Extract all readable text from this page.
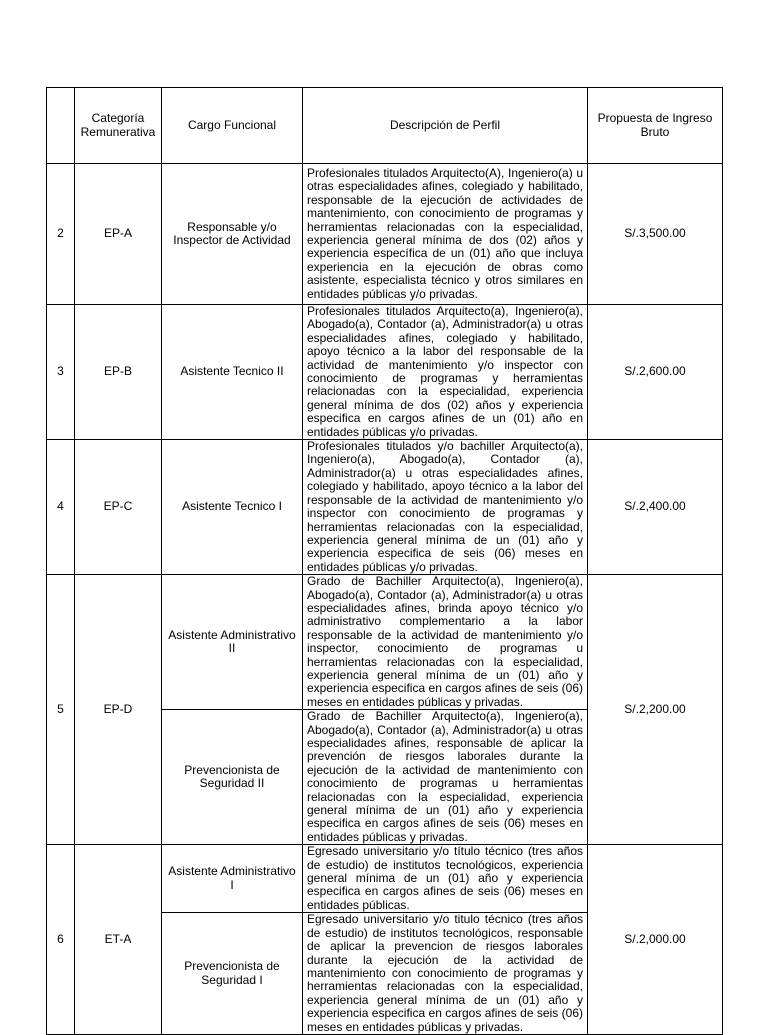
	Categoría Remunerativa	Cargo Funcional	Descripción de Perfil	Propuesta de Ingreso Bruto
2	EP-A	Responsable y/o Inspector de Actividad	Profesionales titulados Arquitecto(A), Ingeniero(a) u otras especialidades afines, colegiado y habilitado, responsable de la ejecución de actividades de mantenimiento, con conocimiento de programas y herramientas relacionadas con la especialidad, experiencia general mínima de dos (02) años y experiencia específica de un (01) año que incluya experiencia en la ejecución de obras como asistente, especialista técnico y otros similares en entidades públicas y/o privadas.	S/.3,500.00
3	EP-B	Asistente Tecnico II	Profesionales titulados Arquitecto(a), Ingeniero(a), Abogado(a), Contador (a), Administrador(a) u otras especialidades afines, colegiado y habilitado, apoyo técnico a la labor del responsable de la actividad de mantenimiento y/o inspector con conocimiento de programas y herramientas relacionadas con la especialidad, experiencia general mínima de dos (02) años y experiencia especifica en cargos afines de un (01) año en entidades públicas y/o privadas.	S/.2,600.00
4	EP-C	Asistente Tecnico I	Profesionales titulados y/o bachiller Arquitecto(a), Ingeniero(a), Abogado(a), Contador (a), Administrador(a) u otras especialidades afines, colegiado y habilitado, apoyo técnico a la labor del responsable de la actividad de mantenimiento y/o inspector con conocimiento de programas y herramientas relacionadas con la especialidad, experiencia general mínima de un (01) año y experiencia especifica de seis (06) meses en entidades públicas y/o privadas.	S/.2,400.00
5	EP-D	Asistente Administrativo II	Grado de Bachiller Arquitecto(a), Ingeniero(a), Abogado(a), Contador (a), Administrador(a) u otras especialidades afines, brinda apoyo técnico y/o administrativo complementario a la labor responsable de la actividad de mantenimiento y/o inspector, conocimiento de programas u herramientas relacionadas con la especialidad, experiencia general mínima de un (01) año y experiencia especifica en cargos afines de seis (06) meses en entidades públicas y privadas.	S/.2,200.00
		Prevencionista de Seguridad II	Grado de Bachiller Arquitecto(a), Ingeniero(a), Abogado(a), Contador (a), Administrador(a) u otras especialidades afines, responsable de aplicar la prevención de riesgos laborales durante la ejecución de la actividad de mantenimiento con conocimiento de programas u herramientas relacionadas con la especialidad, experiencia general mínima de un (01) año y experiencia especifica en cargos afines de seis (06) meses en entidades públicas y privadas.	
6	ET-A	Asistente Administrativo I	Egresado universitario y/o título técnico (tres años de estudio) de institutos tecnológicos, experiencia general mínima de un (01) año y experiencia especifica en cargos afines de seis (06) meses en entidades públicas.	S/.2,000.00
		Prevencionista de Seguridad I	Egresado universitario y/o titulo técnico (tres años de estudio) de institutos tecnológicos, responsable de aplicar la prevencion de riesgos laborales durante la ejecución de la actividad de mantenimiento con conocimiento de programas y herramientas relacionadas con la especialidad, experiencia general mínima de un (01) año y experiencia especifica en cargos afines de seis (06) meses en entidades públicas y privadas.	
